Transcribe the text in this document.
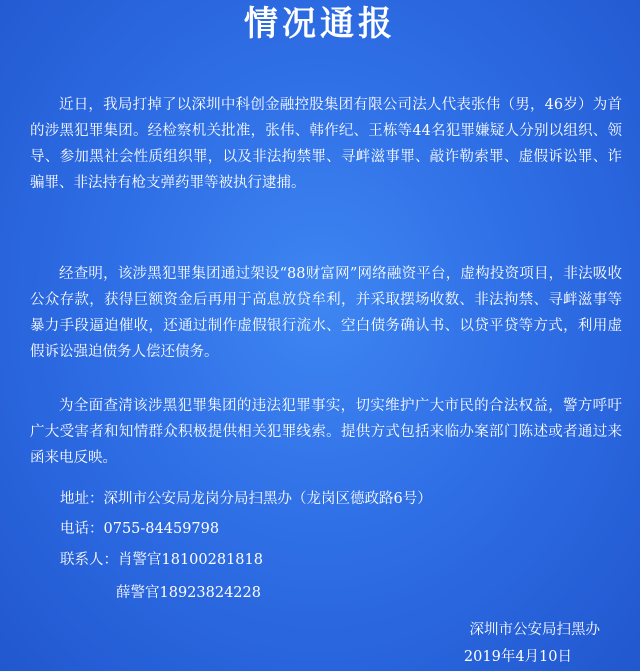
情况通报

近日，我局打掉了以深圳中科创金融控股集团有限公司法人代表张伟（男，46岁）为首的涉黑犯罪集团。经检察机关批准，张伟、韩作纪、王栋等44名犯罪嫌疑人分别以组织、领导、参加黑社会性质组织罪，以及非法拘禁罪、寻衅滋事罪、敲诈勒索罪、虚假诉讼罪、诈骗罪、非法持有枪支弹药罪等被执行逮捕。

经查明，该涉黑犯罪集团通过架设“88财富网”网络融资平台，虚构投资项目，非法吸收公众存款，获得巨额资金后再用于高息放贷牟利，并采取摆场收数、非法拘禁、寻衅滋事等暴力手段逼迫催收，还通过制作虚假银行流水、空白债务确认书、以贷平贷等方式，利用虚假诉讼强迫债务人偿还债务。

为全面查清该涉黑犯罪集团的违法犯罪事实，切实维护广大市民的合法权益，警方呼吁广大受害者和知情群众积极提供相关犯罪线索。提供方式包括来临办案部门陈述或者通过来函来电反映。

地址：深圳市公安局龙岗分局扫黑办（龙岗区德政路6号）

电话：0755-84459798

联系人：肖警官18100281818

薛警官18923824228

深圳市公安局扫黑办

2019年4月10日
